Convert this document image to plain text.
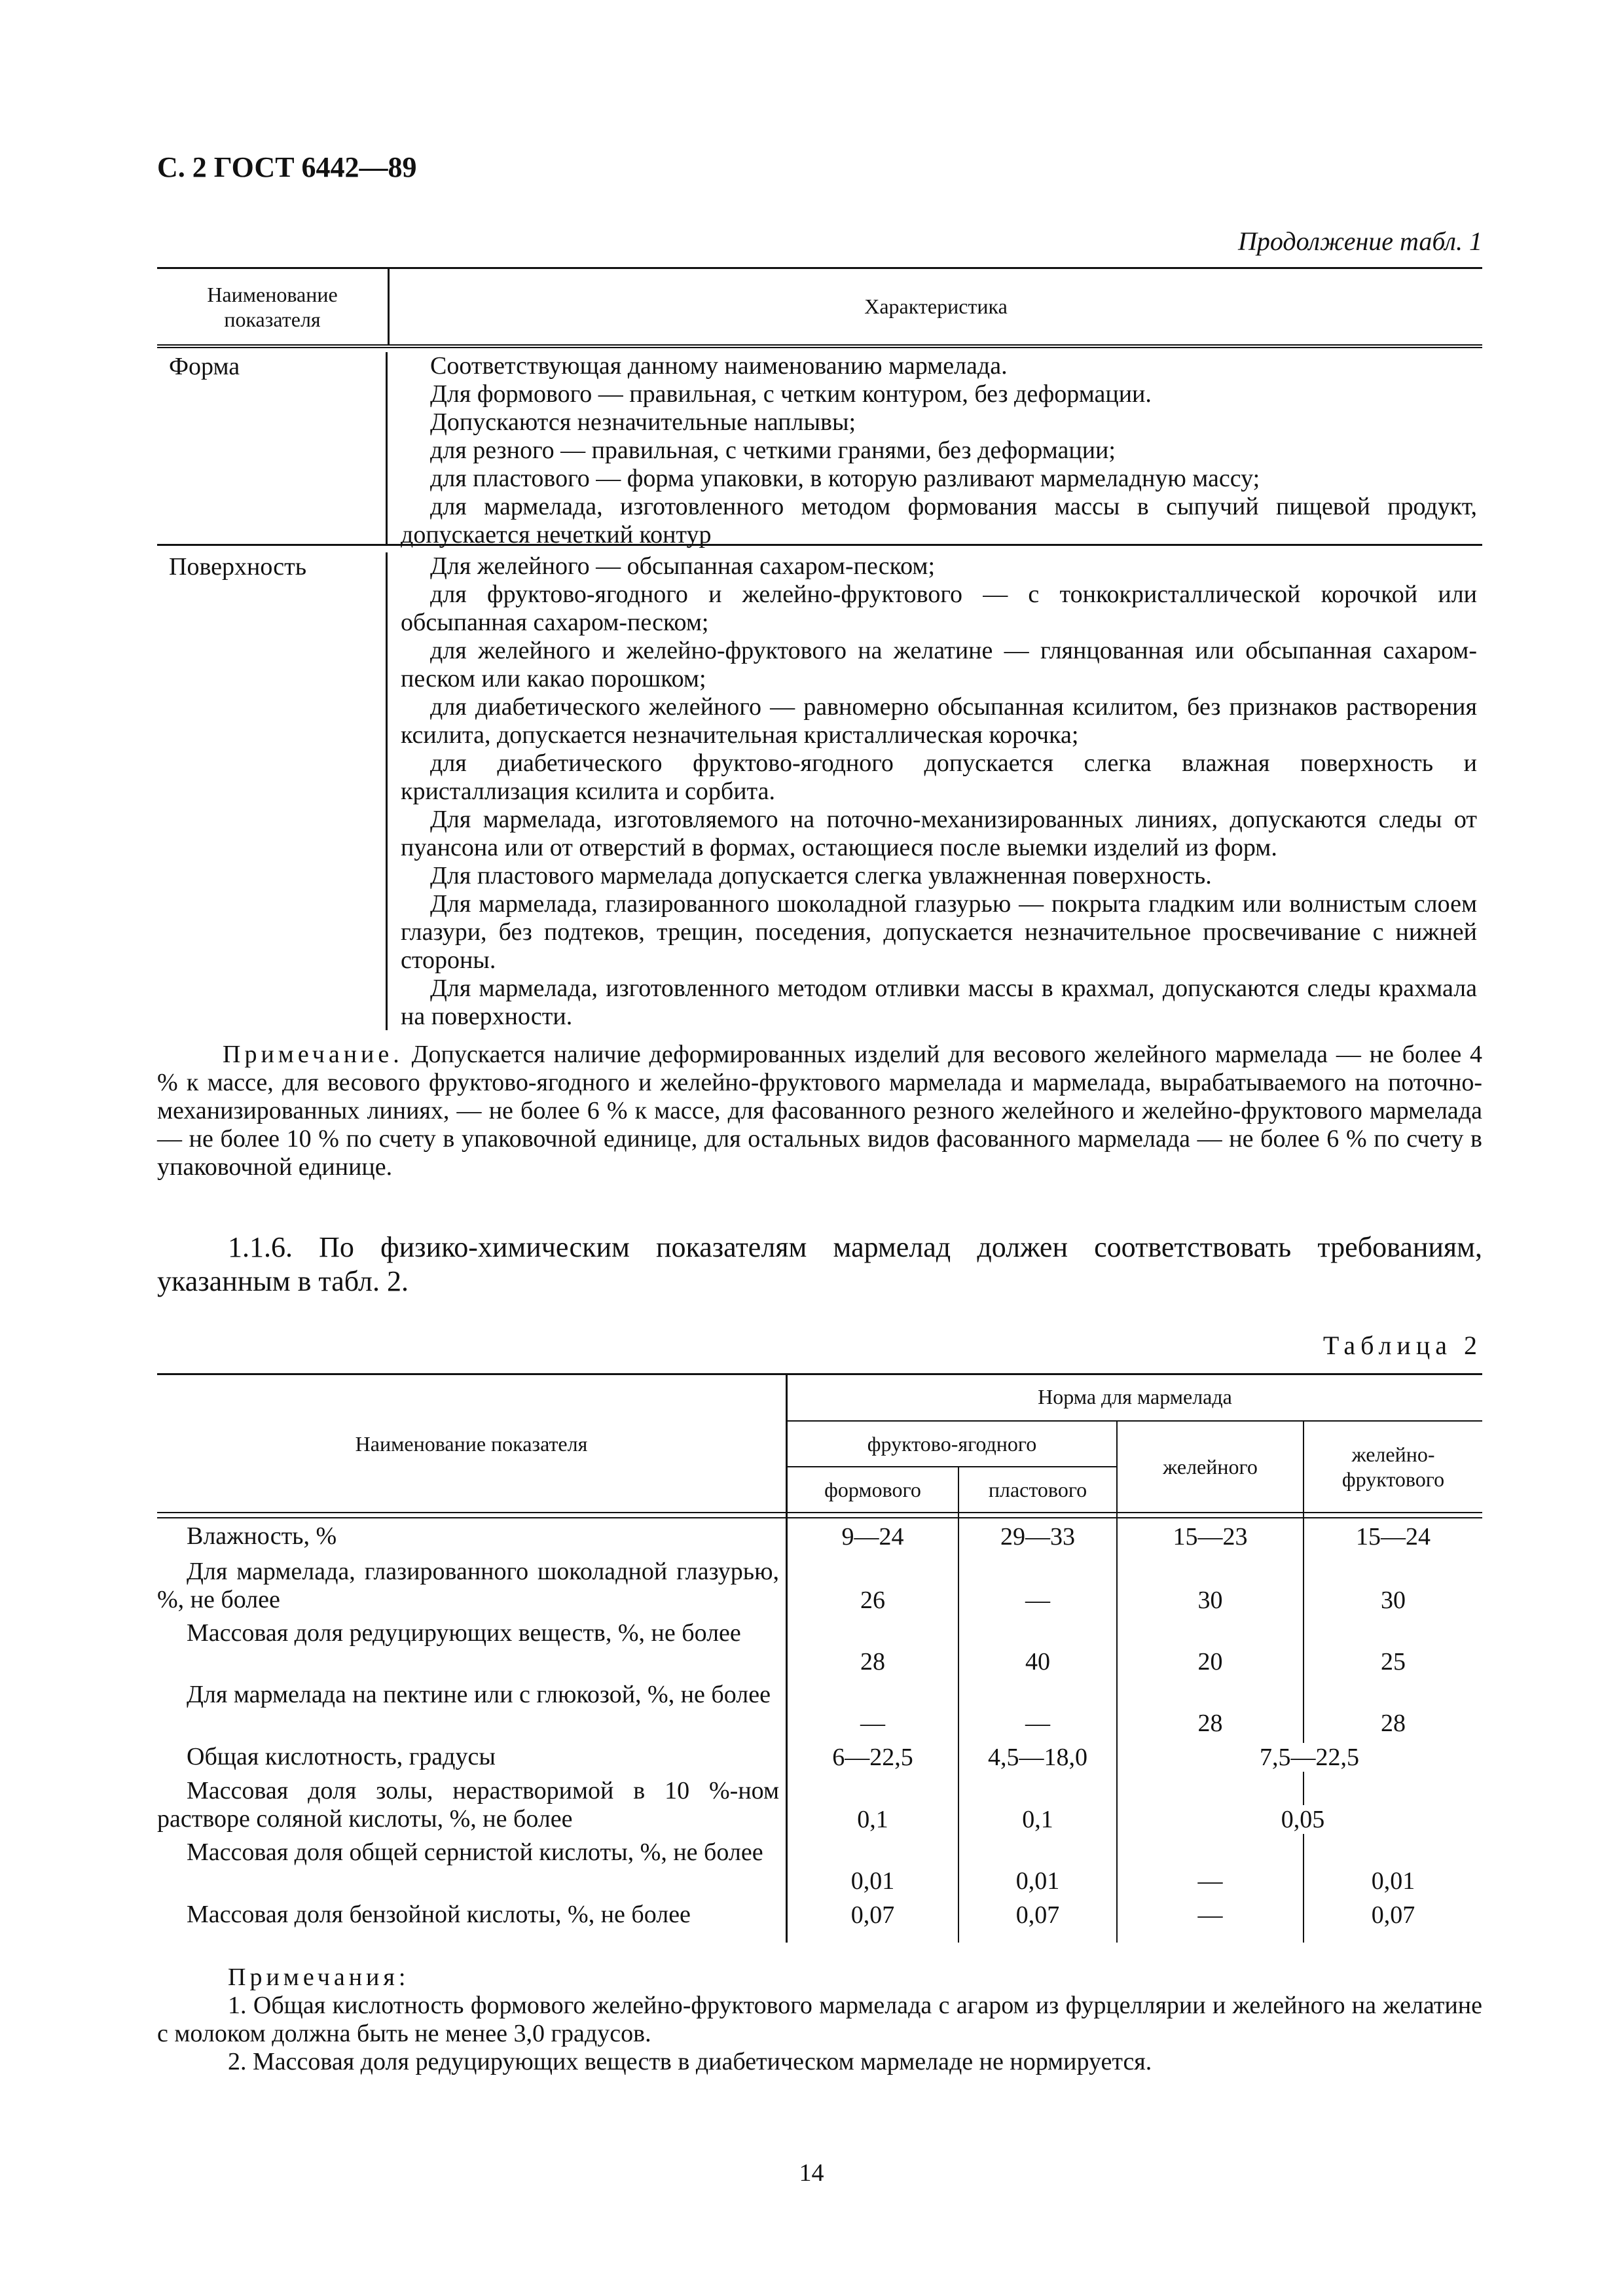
С. 2 ГОСТ 6442—89
Продолжение табл. 1
Наименование показателя
Характеристика
Форма	Соответствующая данному наименованию мармелада.

Для формового — правильная, с четким контуром, без деформации.

Допускаются незначительные наплывы;

для резного — правильная, с четкими гранями, без деформации;

для пластового — форма упаковки, в которую разливают мармеладную массу;

для мармелада, изготовленного методом формования массы в сыпучий пищевой продукт, допускается нечеткий контур

Поверхность	Для желейного — обсыпанная сахаром-песком;

для фруктово-ягодного и желейно-фруктового — с тонкокристаллической корочкой или обсыпанная сахаром-песком;

для желейного и желейно-фруктового на желатине — глянцованная или обсыпанная сахаром-песком или какао порошком;

для диабетического желейного — равномерно обсыпанная ксилитом, без признаков растворения ксилита, допускается незначительная кристаллическая корочка;

для диабетического фруктово-ягодного допускается слегка влажная поверхность и кристаллизация ксилита и сорбита.

Для мармелада, изготовляемого на поточно-механизированных линиях, допускаются следы от пуансона или от отверстий в формах, остающиеся после выемки изделий из форм.

Для пластового мармелада допускается слегка увлажненная поверхность.

Для мармелада, глазированного шоколадной глазурью — покрыта гладким или волнистым слоем глазури, без подтеков, трещин, поседения, допускается незначительное просвечивание с нижней стороны.

Для мармелада, изготовленного методом отливки массы в крахмал, допускаются следы крахмала на поверхности.

Примечание. Допускается наличие деформированных изделий для весового желейного мармелада — не более 4 % к массе, для весового фруктово-ягодного и желейно-фруктового мармелада и мармелада, вырабатываемого на поточно-механизированных линиях, — не более 6 % к массе, для фасованного резного желейного и желейно-фруктового мармелада — не более 10 % по счету в упаковочной единице, для остальных видов фасованного мармелада — не более 6 % по счету в упаковочной единице.

1.1.6. По физико-химическим показателям мармелад должен соответствовать требованиям, указанным в табл. 2.

Таблица 2
Наименование показателя
Норма для мармелада
фруктово-ягодного
формового	пластового
желейного
желейно-фруктового

Влажность, %	9—24	29—33	15—23	15—24

Для мармелада, глазированного шоколадной глазурью, %, не более	26	—	30	30

Массовая доля редуцирующих веществ, %, не более

28	40	20	25

Для мармелада на пектине или с глюкозой, %, не более

—	—	28	28

Общая кислотность, градусы	6—22,5	4,5—18,0	7,5—22,5

Массовая доля золы, нерастворимой в 10 %-ном растворе соляной кислоты, %, не более	0,1	0,1	0,05

Массовая доля общей сернистой кислоты, %, не более

0,01	0,01	—	0,01

Массовая доля бензойной кислоты, %, не более	0,07	0,07	—	0,07

Примечания:

1. Общая кислотность формового желейно-фруктового мармелада с агаром из фурцеллярии и желейного на желатине с молоком должна быть не менее 3,0 градусов.

2. Массовая доля редуцирующих веществ в диабетическом мармеладе не нормируется.

14
